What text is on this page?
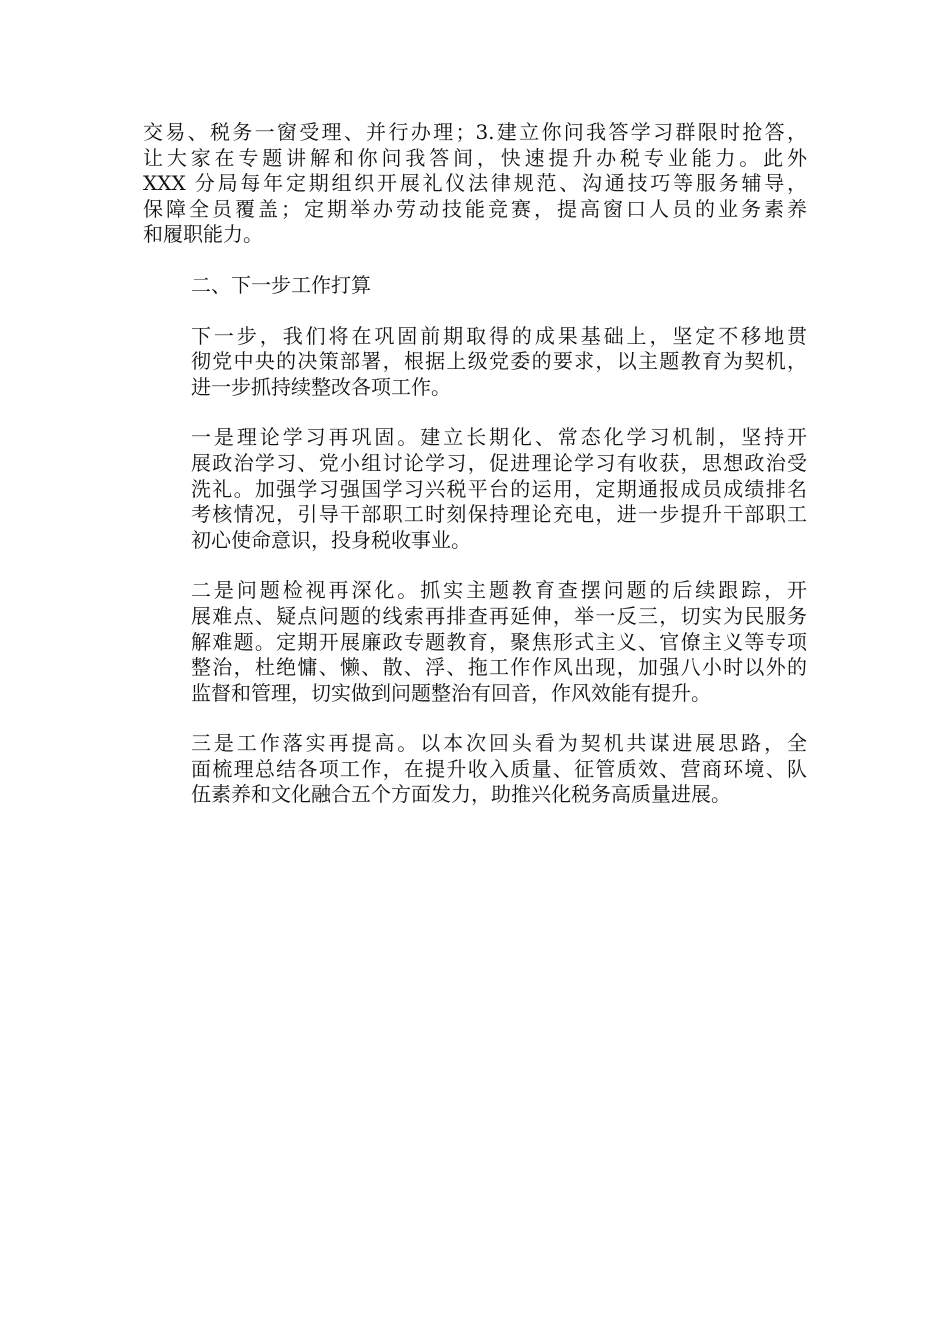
交易、税务一窗受理、并行办理；3.建立你问我答学习群限时抢答，
让大家在专题讲解和你问我答间，快速提升办税专业能力。此外
XXX 分局每年定期组织开展礼仪法律规范、沟通技巧等服务辅导，
保障全员覆盖；定期举办劳动技能竞赛，提高窗口人员的业务素养
和履职能力。

二、下一步工作打算

下一步，我们将在巩固前期取得的成果基础上，坚定不移地贯
彻党中央的决策部署，根据上级党委的要求，以主题教育为契机，
进一步抓持续整改各项工作。

一是理论学习再巩固。建立长期化、常态化学习机制，坚持开
展政治学习、党小组讨论学习，促进理论学习有收获，思想政治受
洗礼。加强学习强国学习兴税平台的运用，定期通报成员成绩排名
考核情况，引导干部职工时刻保持理论充电，进一步提升干部职工
初心使命意识，投身税收事业。

二是问题检视再深化。抓实主题教育查摆问题的后续跟踪，开
展难点、疑点问题的线索再排查再延伸，举一反三，切实为民服务
解难题。定期开展廉政专题教育，聚焦形式主义、官僚主义等专项
整治，杜绝慵、懒、散、浮、拖工作作风出现，加强八小时以外的
监督和管理，切实做到问题整治有回音，作风效能有提升。

三是工作落实再提高。以本次回头看为契机共谋进展思路，全
面梳理总结各项工作，在提升收入质量、征管质效、营商环境、队
伍素养和文化融合五个方面发力，助推兴化税务高质量进展。
